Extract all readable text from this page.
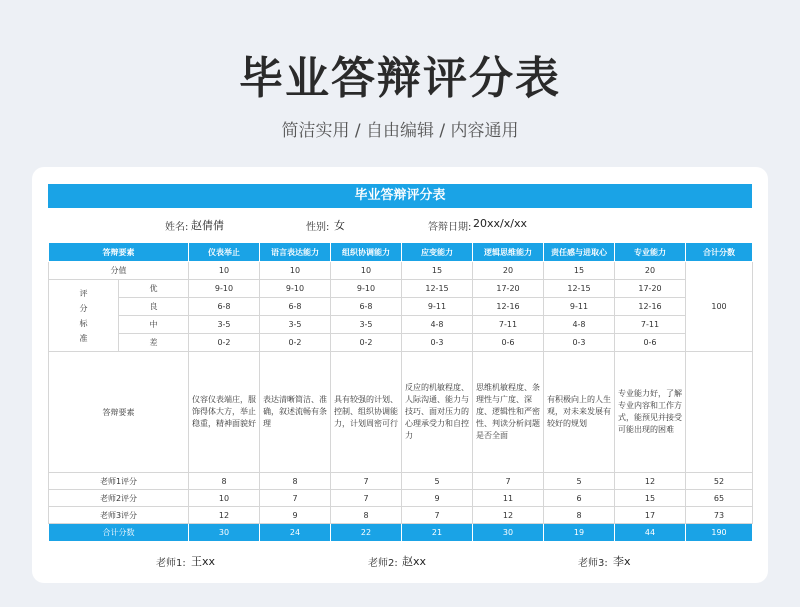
毕业答辩评分表
简洁实用 / 自由编辑 / 内容通用
毕业答辩评分表
姓名: 赵倩倩	性别: 女	答辩日期: 20xx/x/xx
答辩要素		仪表举止	语言表达能力	组织协调能力	应变能力	逻辑思维能力	责任感与进取心	专业能力	合计分数
分值		10	10	10	15	20	15	20	100
评分标准	优	9-10	9-10	9-10	12-15	17-20	12-15	17-20	
	良	6-8	6-8	6-8	9-11	12-16	9-11	12-16	
	中	3-5	3-5	3-5	4-8	7-11	4-8	7-11	
	差	0-2	0-2	0-2	0-3	0-6	0-3	0-6	
答辩要素		仪容仪表端庄，服饰得体大方，举止稳重，精神面貌好	表达清晰简洁、准确，叙述流畅有条理	具有较强的计划、控制、组织协调能力，计划周密可行	反应的机敏程度、人际沟通、能力与技巧、面对压力的心理承受力和自控力	思维机敏程度、条理性与广度、深度、逻辑性和严密性、判读分析问题是否全面	有积极向上的人生观，对未来发展有较好的规划	专业能力好，了解专业内容和工作方式，能预见并接受可能出现的困难	
老师1评分		8	8	7	5	7	5	12	52
老师2评分		10	7	7	9	11	6	15	65
老师3评分		12	9	8	7	12	8	17	73
合计分数		30	24	22	21	30	19	44	190
老师1: 王xx	老师2: 赵xx	老师3: 李x
